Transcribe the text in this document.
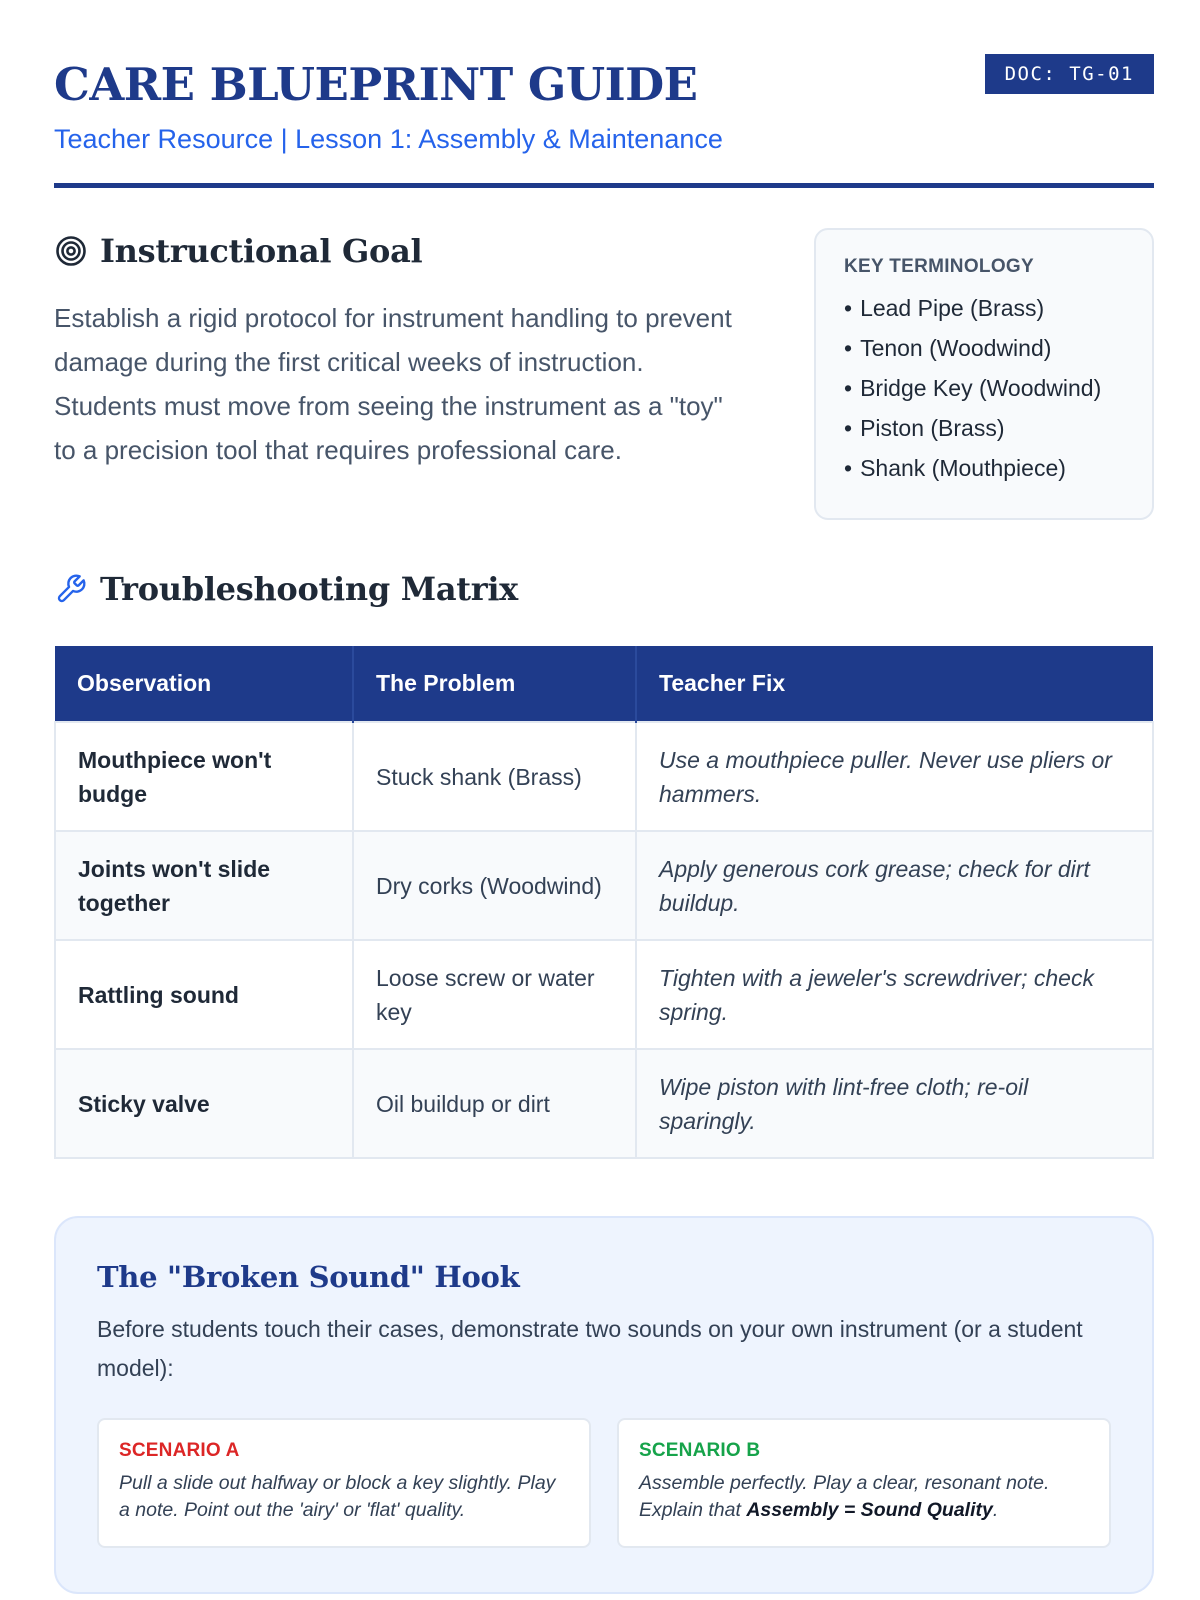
CARE BLUEPRINT GUIDE
Teacher Resource | Lesson 1: Assembly & Maintenance
DOC: TG-01
Instructional Goal

Establish a rigid protocol for instrument handling to prevent damage during the first critical weeks of instruction. Students must move from seeing the instrument as a "toy" to a precision tool that requires professional care.

KEY TERMINOLOGY
• Lead Pipe (Brass)
• Tenon (Woodwind)
• Bridge Key (Woodwind)
• Piston (Brass)
• Shank (Mouthpiece)
Troubleshooting Matrix
Observation	The Problem	Teacher Fix
Mouthpiece won't budge	Stuck shank (Brass)	Use a mouthpiece puller. Never use pliers or hammers.
Joints won't slide together	Dry corks (Woodwind)	Apply generous cork grease; check for dirt buildup.
Rattling sound	Loose screw or water key	Tighten with a jeweler's screwdriver; check spring.
Sticky valve	Oil buildup or dirt	Wipe piston with lint-free cloth; re-oil sparingly.
The "Broken Sound" Hook

Before students touch their cases, demonstrate two sounds on your own instrument (or a student model):

SCENARIO A
Pull a slide out halfway or block a key slightly. Play a note. Point out the 'airy' or 'flat' quality.
SCENARIO B
Assemble perfectly. Play a clear, resonant note. Explain that Assembly = Sound Quality.
